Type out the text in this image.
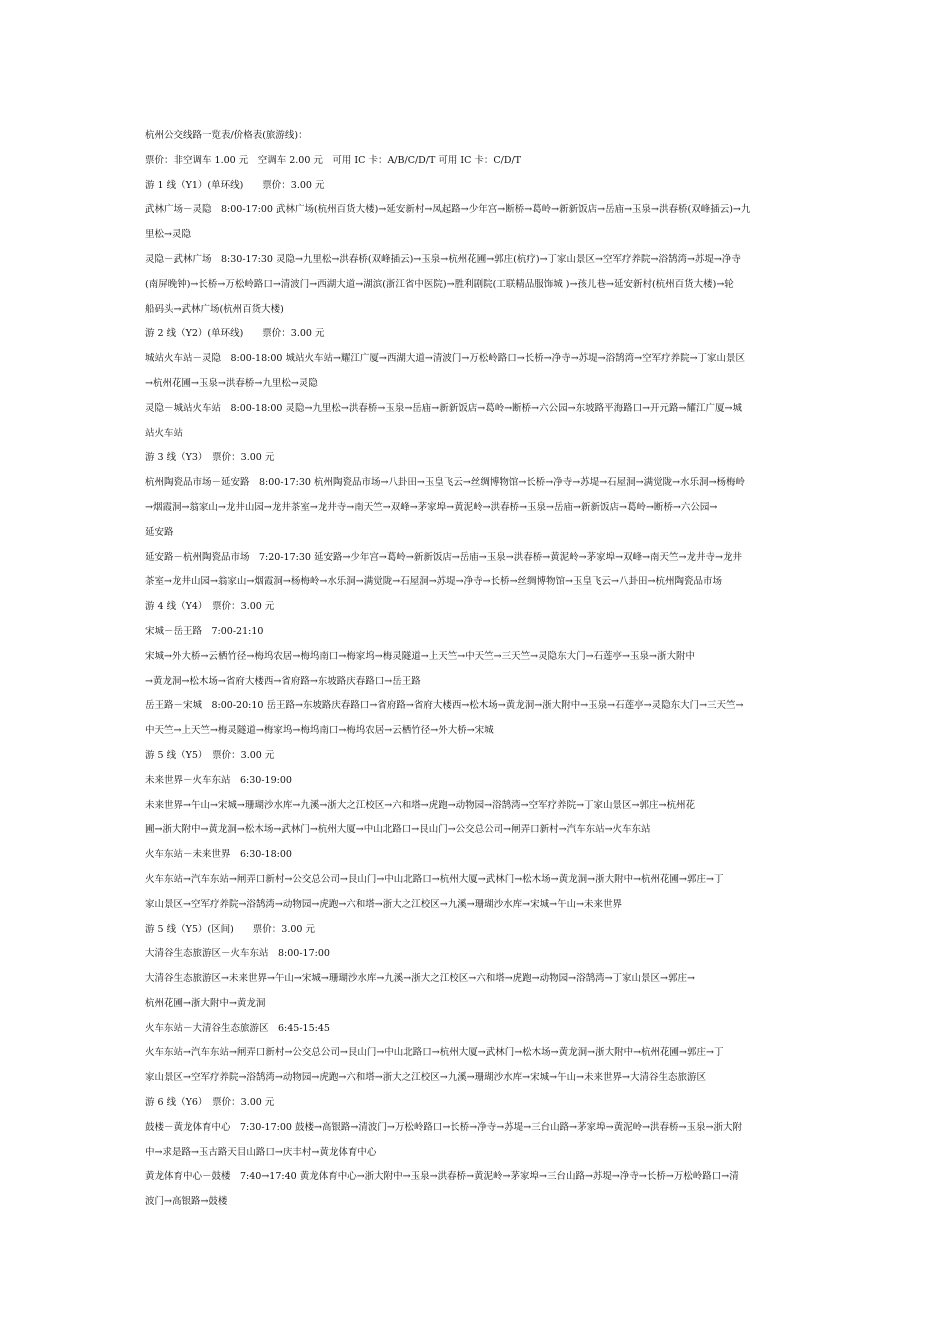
杭州公交线路一览表/价格表(旅游线)：
票价：非空调车 1.00 元　空调车 2.00 元　可用 IC 卡：A/B/C/D/T 可用 IC 卡：C/D/T
游 1 线（Y1）(单环线)　　票价：3.00 元
武林广场－灵隐　8:00-17:00 武林广场(杭州百货大楼)→延安新村→凤起路→少年宫→断桥→葛岭→新新饭店→岳庙→玉泉→洪春桥(双峰插云)→九
里松→灵隐
灵隐－武林广场　8:30-17:30 灵隐→九里松→洪春桥(双峰插云)→玉泉→杭州花圃→郭庄(杭疗)→丁家山景区→空军疗养院→浴鹄湾→苏堤→净寺
(南屏晚钟)→长桥→万松岭路口→清波门→西湖大道→湖滨(浙江省中医院)→胜利剧院(工联精品服饰城 )→孩儿巷→延安新村(杭州百货大楼)→轮
船码头→武林广场(杭州百货大楼)
游 2 线（Y2）(单环线)　　票价：3.00 元
城站火车站－灵隐　8:00-18:00 城站火车站→耀江广厦→西湖大道→清波门→万松岭路口→长桥→净寺→苏堤→浴鹄湾→空军疗养院→丁家山景区
→杭州花圃→玉泉→洪春桥→九里松→灵隐
灵隐－城站火车站　8:00-18:00 灵隐→九里松→洪春桥→玉泉→岳庙→新新饭店→葛岭→断桥→六公园→东坡路平海路口→开元路→耀江广厦→城
站火车站
游 3 线（Y3）　票价：3.00 元
杭州陶瓷品市场－延安路　8:00-17:30 杭州陶瓷品市场→八卦田→玉皇飞云→丝绸博物馆→长桥→净寺→苏堤→石屋洞→满觉陇→水乐洞→杨梅岭
→烟霞洞→翁家山→龙井山园→龙井茶室→龙井寺→南天竺→双峰→茅家埠→黄泥岭→洪春桥→玉泉→岳庙→新新饭店→葛岭→断桥→六公园→
延安路
延安路－杭州陶瓷品市场　7:20-17:30 延安路→少年宫→葛岭→新新饭店→岳庙→玉泉→洪春桥→黄泥岭→茅家埠→双峰→南天竺→龙井寺→龙井
茶室→龙井山园→翁家山→烟霞洞→杨梅岭→水乐洞→满觉陇→石屋洞→苏堤→净寺→长桥→丝绸博物馆→玉皇飞云→八卦田→杭州陶瓷品市场
游 4 线（Y4）　票价：3.00 元
宋城－岳王路　7:00-21:10
宋城→外大桥→云栖竹径→梅坞农居→梅坞南口→梅家坞→梅灵隧道→上天竺→中天竺→三天竺→灵隐东大门→石莲亭→玉泉→浙大附中
→黄龙洞→松木场→省府大楼西→省府路→东坡路庆春路口→岳王路
岳王路－宋城　8:00-20:10 岳王路→东坡路庆春路口→省府路→省府大楼西→松木场→黄龙洞→浙大附中→玉泉→石莲亭→灵隐东大门→三天竺→
中天竺→上天竺→梅灵隧道→梅家坞→梅坞南口→梅坞农居→云栖竹径→外大桥→宋城
游 5 线（Y5）　票价：3.00 元
未来世界－火车东站　6:30-19:00
未来世界→午山→宋城→珊瑚沙水库→九溪→浙大之江校区→六和塔→虎跑→动物园→浴鹄湾→空军疗养院→丁家山景区→郭庄→杭州花
圃→浙大附中→黄龙洞→松木场→武林门→杭州大厦→中山北路口→艮山门→公交总公司→闸弄口新村→汽车东站→火车东站
火车东站－未来世界　6:30-18:00
火车东站→汽车东站→闸弄口新村→公交总公司→艮山门→中山北路口→杭州大厦→武林门→松木场→黄龙洞→浙大附中→杭州花圃→郭庄→丁
家山景区→空军疗养院→浴鹄湾→动物园→虎跑→六和塔→浙大之江校区→九溪→珊瑚沙水库→宋城→午山→未来世界
游 5 线（Y5）(区间)　　票价：3.00 元
大清谷生态旅游区－火车东站　8:00-17:00
大清谷生态旅游区→未来世界→午山→宋城→珊瑚沙水库→九溪→浙大之江校区→六和塔→虎跑→动物园→浴鹄湾→丁家山景区→郭庄→
杭州花圃→浙大附中→黄龙洞
火车东站－大清谷生态旅游区　6:45-15:45
火车东站→汽车东站→闸弄口新村→公交总公司→艮山门→中山北路口→杭州大厦→武林门→松木场→黄龙洞→浙大附中→杭州花圃→郭庄→丁
家山景区→空军疗养院→浴鹄湾→动物园→虎跑→六和塔→浙大之江校区→九溪→珊瑚沙水库→宋城→午山→未来世界→大清谷生态旅游区
游 6 线（Y6）　票价：3.00 元
鼓楼－黄龙体育中心　7:30-17:00 鼓楼→高银路→清波门→万松岭路口→长桥→净寺→苏堤→三台山路→茅家埠→黄泥岭→洪春桥→玉泉→浙大附
中→求是路→玉古路天目山路口→庆丰村→黄龙体育中心
黄龙体育中心－鼓楼　7:40→17:40 黄龙体育中心→浙大附中→玉泉→洪春桥→黄泥岭→茅家埠→三台山路→苏堤→净寺→长桥→万松岭路口→清
波门→高银路→鼓楼
